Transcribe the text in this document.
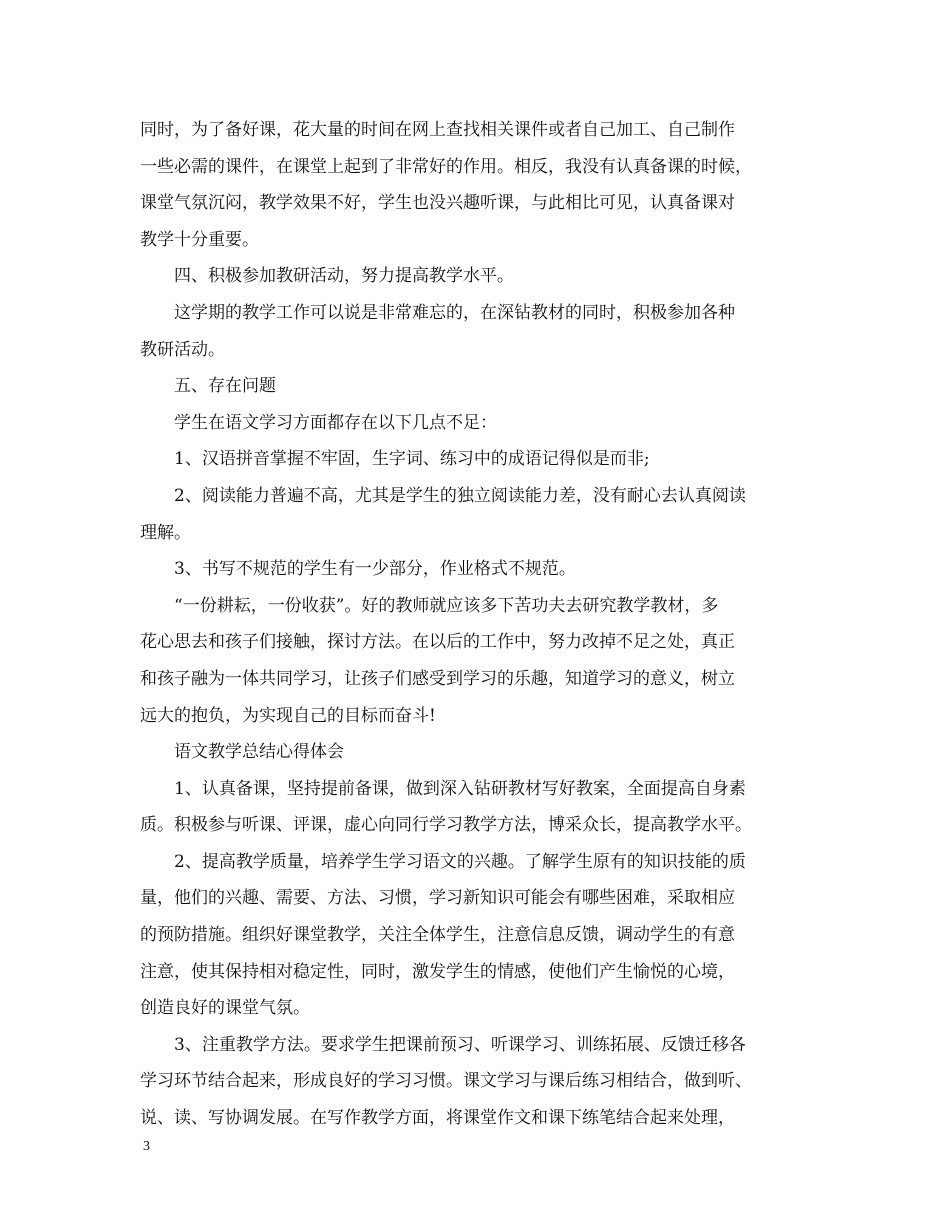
同时，为了备好课，花大量的时间在网上查找相关课件或者自己加工、自己制作
一些必需的课件，在课堂上起到了非常好的作用。相反，我没有认真备课的时候，
课堂气氛沉闷，教学效果不好，学生也没兴趣听课，与此相比可见，认真备课对
教学十分重要。
四、积极参加教研活动，努力提高教学水平。
这学期的教学工作可以说是非常难忘的，在深钻教材的同时，积极参加各种
教研活动。
五、存在问题
学生在语文学习方面都存在以下几点不足：
1、汉语拼音掌握不牢固，生字词、练习中的成语记得似是而非;
2、阅读能力普遍不高，尤其是学生的独立阅读能力差，没有耐心去认真阅读
理解。
3、书写不规范的学生有一少部分，作业格式不规范。
“一份耕耘，一份收获”。好的教师就应该多下苦功夫去研究教学教材，多
花心思去和孩子们接触，探讨方法。在以后的工作中，努力改掉不足之处，真正
和孩子融为一体共同学习，让孩子们感受到学习的乐趣，知道学习的意义，树立
远大的抱负，为实现自己的目标而奋斗!
语文教学总结心得体会
1、认真备课，坚持提前备课，做到深入钻研教材写好教案，全面提高自身素
质。积极参与听课、评课，虚心向同行学习教学方法，博采众长，提高教学水平。
2、提高教学质量，培养学生学习语文的兴趣。了解学生原有的知识技能的质
量，他们的兴趣、需要、方法、习惯，学习新知识可能会有哪些困难，采取相应
的预防措施。组织好课堂教学，关注全体学生，注意信息反馈，调动学生的有意
注意，使其保持相对稳定性，同时，激发学生的情感，使他们产生愉悦的心境，
创造良好的课堂气氛。
3、注重教学方法。要求学生把课前预习、听课学习、训练拓展、反馈迁移各
学习环节结合起来，形成良好的学习习惯。课文学习与课后练习相结合，做到听、
说、读、写协调发展。在写作教学方面，将课堂作文和课下练笔结合起来处理，
3
